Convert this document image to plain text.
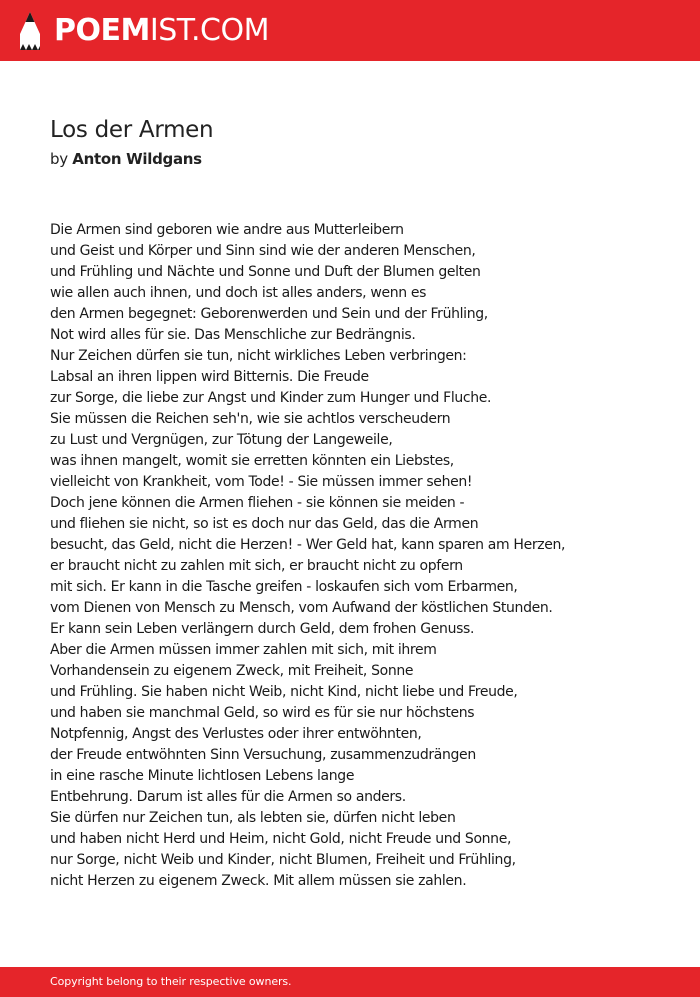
POEMIST.COM
Los der Armen
by Anton Wildgans
Die Armen sind geboren wie andre aus Mutterleibern
und Geist und Körper und Sinn sind wie der anderen Menschen,
und Frühling und Nächte und Sonne und Duft der Blumen gelten
wie allen auch ihnen, und doch ist alles anders, wenn es
den Armen begegnet: Geborenwerden und Sein und der Frühling,
Not wird alles für sie. Das Menschliche zur Bedrängnis.
Nur Zeichen dürfen sie tun, nicht wirkliches Leben verbringen:
Labsal an ihren lippen wird Bitternis. Die Freude
zur Sorge, die liebe zur Angst und Kinder zum Hunger und Fluche.
Sie müssen die Reichen seh'n, wie sie achtlos verscheudern
zu Lust und Vergnügen, zur Tötung der Langeweile,
was ihnen mangelt, womit sie erretten könnten ein Liebstes,
vielleicht von Krankheit, vom Tode! - Sie müssen immer sehen!
Doch jene können die Armen fliehen - sie können sie meiden -
und fliehen sie nicht, so ist es doch nur das Geld, das die Armen
besucht, das Geld, nicht die Herzen! - Wer Geld hat, kann sparen am Herzen,
er braucht nicht zu zahlen mit sich, er braucht nicht zu opfern
mit sich. Er kann in die Tasche greifen - loskaufen sich vom Erbarmen,
vom Dienen von Mensch zu Mensch, vom Aufwand der köstlichen Stunden.
Er kann sein Leben verlängern durch Geld, dem frohen Genuss.
Aber die Armen müssen immer zahlen mit sich, mit ihrem
Vorhandensein zu eigenem Zweck, mit Freiheit, Sonne
und Frühling. Sie haben nicht Weib, nicht Kind, nicht liebe und Freude,
und haben sie manchmal Geld, so wird es für sie nur höchstens
Notpfennig, Angst des Verlustes oder ihrer entwöhnten,
der Freude entwöhnten Sinn Versuchung, zusammenzudrängen
in eine rasche Minute lichtlosen Lebens lange
Entbehrung. Darum ist alles für die Armen so anders.
Sie dürfen nur Zeichen tun, als lebten sie, dürfen nicht leben
und haben nicht Herd und Heim, nicht Gold, nicht Freude und Sonne,
nur Sorge, nicht Weib und Kinder, nicht Blumen, Freiheit und Frühling,
nicht Herzen zu eigenem Zweck. Mit allem müssen sie zahlen.
Copyright belong to their respective owners.
